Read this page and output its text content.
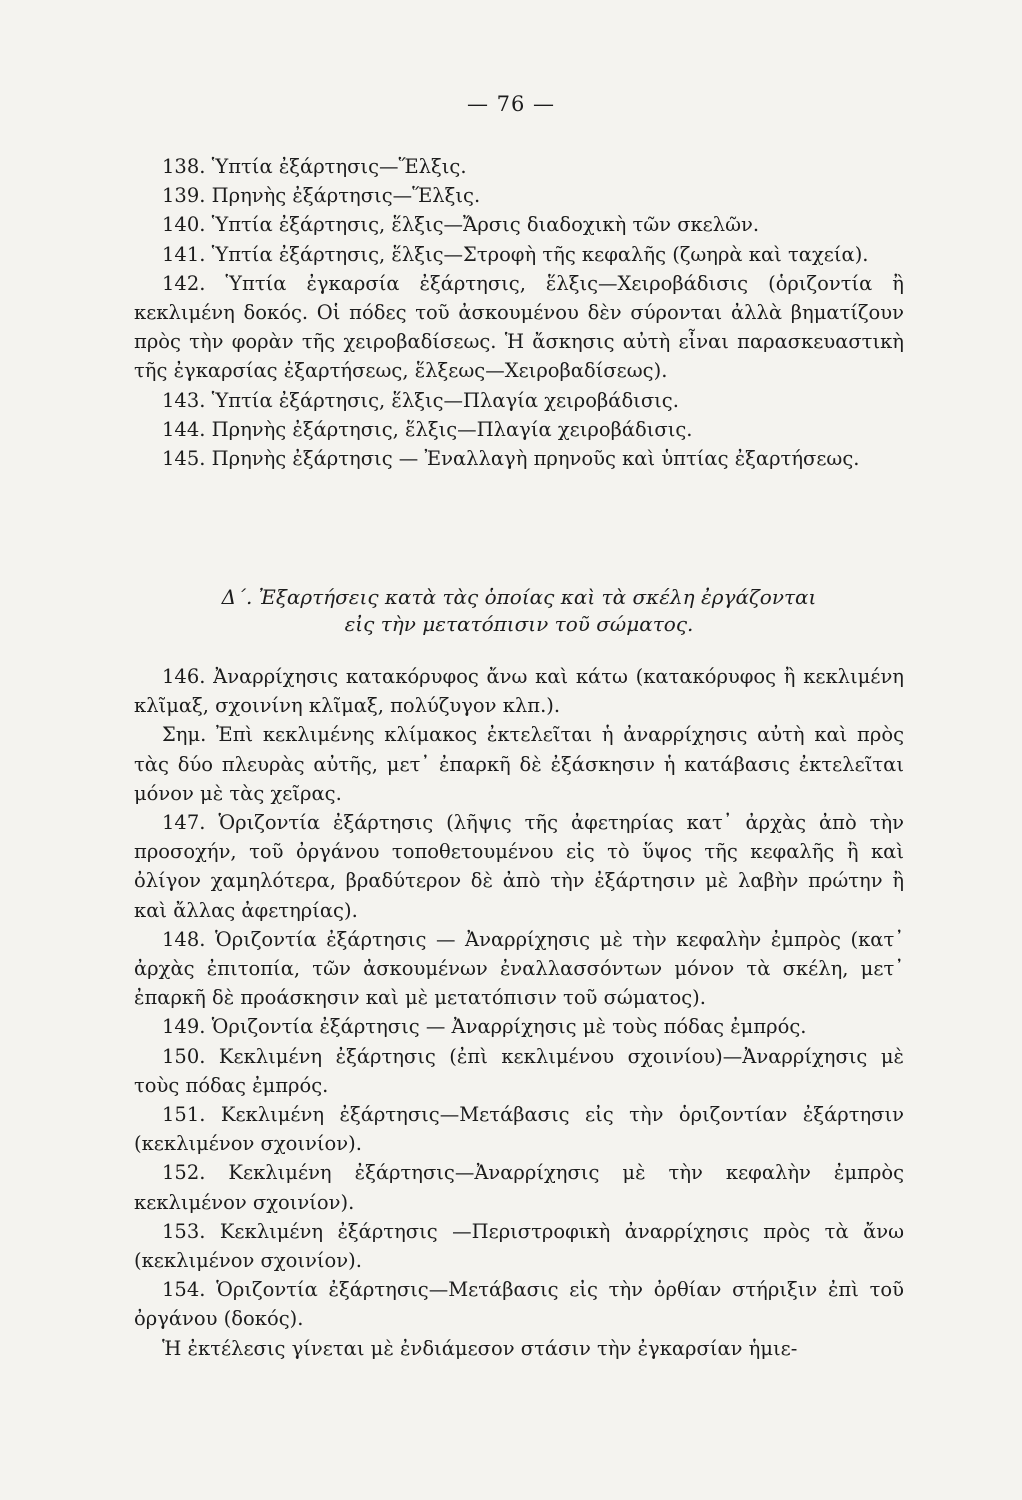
— 76 —

138. Ὑπτία ἐξάρτησις—Ἕλξις.

139. Πρηνὴς ἐξάρτησις—Ἕλξις.

140. Ὑπτία ἐξάρτησις, ἕλξις—Ἄρσις διαδοχικὴ τῶν σκελῶν.

141. Ὑπτία ἐξάρτησις, ἕλξις—Στροφὴ τῆς κεφαλῆς (ζωηρὰ καὶ ταχεία).

142. Ὑπτία ἐγκαρσία ἐξάρτησις, ἕλξις—Χειροβάδισις (ὁριζοντία ἢ κεκλιμένη δοκός. Οἱ πόδες τοῦ ἀσκουμένου δὲν σύρονται ἀλλὰ βηματίζουν πρὸς τὴν φορὰν τῆς χειροβαδίσεως. Ἡ ἄσκησις αὐτὴ εἶναι παρασκευαστικὴ τῆς ἐγκαρσίας ἐξαρτήσεως, ἕλξεως—Χειροβαδίσεως).

143. Ὑπτία ἐξάρτησις, ἕλξις—Πλαγία χειροβάδισις.

144. Πρηνὴς ἐξάρτησις, ἕλξις—Πλαγία χειροβάδισις.

145. Πρηνὴς ἐξάρτησις — Ἐναλλαγὴ πρηνοῦς καὶ ὑπτίας ἐξαρτήσεως.

Δ΄. Ἐξαρτήσεις κατὰ τὰς ὁποίας καὶ τὰ σκέλη ἐργάζονται
εἰς τὴν μετατόπισιν τοῦ σώματος.

146. Ἀναρρίχησις κατακόρυφος ἄνω καὶ κάτω (κατακόρυφος ἢ κεκλιμένη κλῖμαξ, σχοινίνη κλῖμαξ, πολύζυγον κλπ.).

Σημ. Ἐπὶ κεκλιμένης κλίμακος ἐκτελεῖται ἡ ἀναρρίχησις αὐτὴ καὶ πρὸς τὰς δύο πλευρὰς αὐτῆς, μετ᾽ ἐπαρκῆ δὲ ἐξάσκησιν ἡ κατάβασις ἐκτελεῖται μόνον μὲ τὰς χεῖρας.

147. Ὁριζοντία ἐξάρτησις (λῆψις τῆς ἀφετηρίας κατ᾽ ἀρχὰς ἀπὸ τὴν προσοχήν, τοῦ ὀργάνου τοποθετουμένου εἰς τὸ ὕψος τῆς κεφαλῆς ἢ καὶ ὀλίγον χαμηλότερα, βραδύτερον δὲ ἀπὸ τὴν ἐξάρτησιν μὲ λαβὴν πρώτην ἢ καὶ ἄλλας ἀφετηρίας).

148. Ὁριζοντία ἐξάρτησις — Ἀναρρίχησις μὲ τὴν κεφαλὴν ἐμπρὸς (κατ᾽ ἀρχὰς ἐπιτοπία, τῶν ἀσκουμένων ἐναλλασσόντων μόνον τὰ σκέλη, μετ᾽ ἐπαρκῆ δὲ πρoάσκησιν καὶ μὲ μετατόπισιν τοῦ σώματος).

149. Ὁριζοντία ἐξάρτησις — Ἀναρρίχησις μὲ τοὺς πόδας ἐμπρός.

150. Κεκλιμένη ἐξάρτησις (ἐπὶ κεκλιμένου σχοινίου)—Ἀναρρίχησις μὲ τοὺς πόδας ἐμπρός.

151. Κεκλιμένη ἐξάρτησις—Μετάβασις εἰς τὴν ὁριζοντίαν ἐξάρτησιν (κεκλιμένον σχοινίον).

152. Κεκλιμένη ἐξάρτησις—Ἀναρρίχησις μὲ τὴν κεφαλὴν ἐμπρὸς κεκλιμένον σχοινίον).

153. Κεκλιμένη ἐξάρτησις —Περιστροφικὴ ἀναρρίχησις πρὸς τὰ ἄνω (κεκλιμένον σχοινίον).

154. Ὁριζοντία ἐξάρτησις—Μετάβασις εἰς τὴν ὀρθίαν στήριξιν ἐπὶ τοῦ ὀργάνου (δοκός).

Ἡ ἐκτέλεσις γίνεται μὲ ἐνδιάμεσον στάσιν τὴν ἐγκαρσίαν ἡμιε-
